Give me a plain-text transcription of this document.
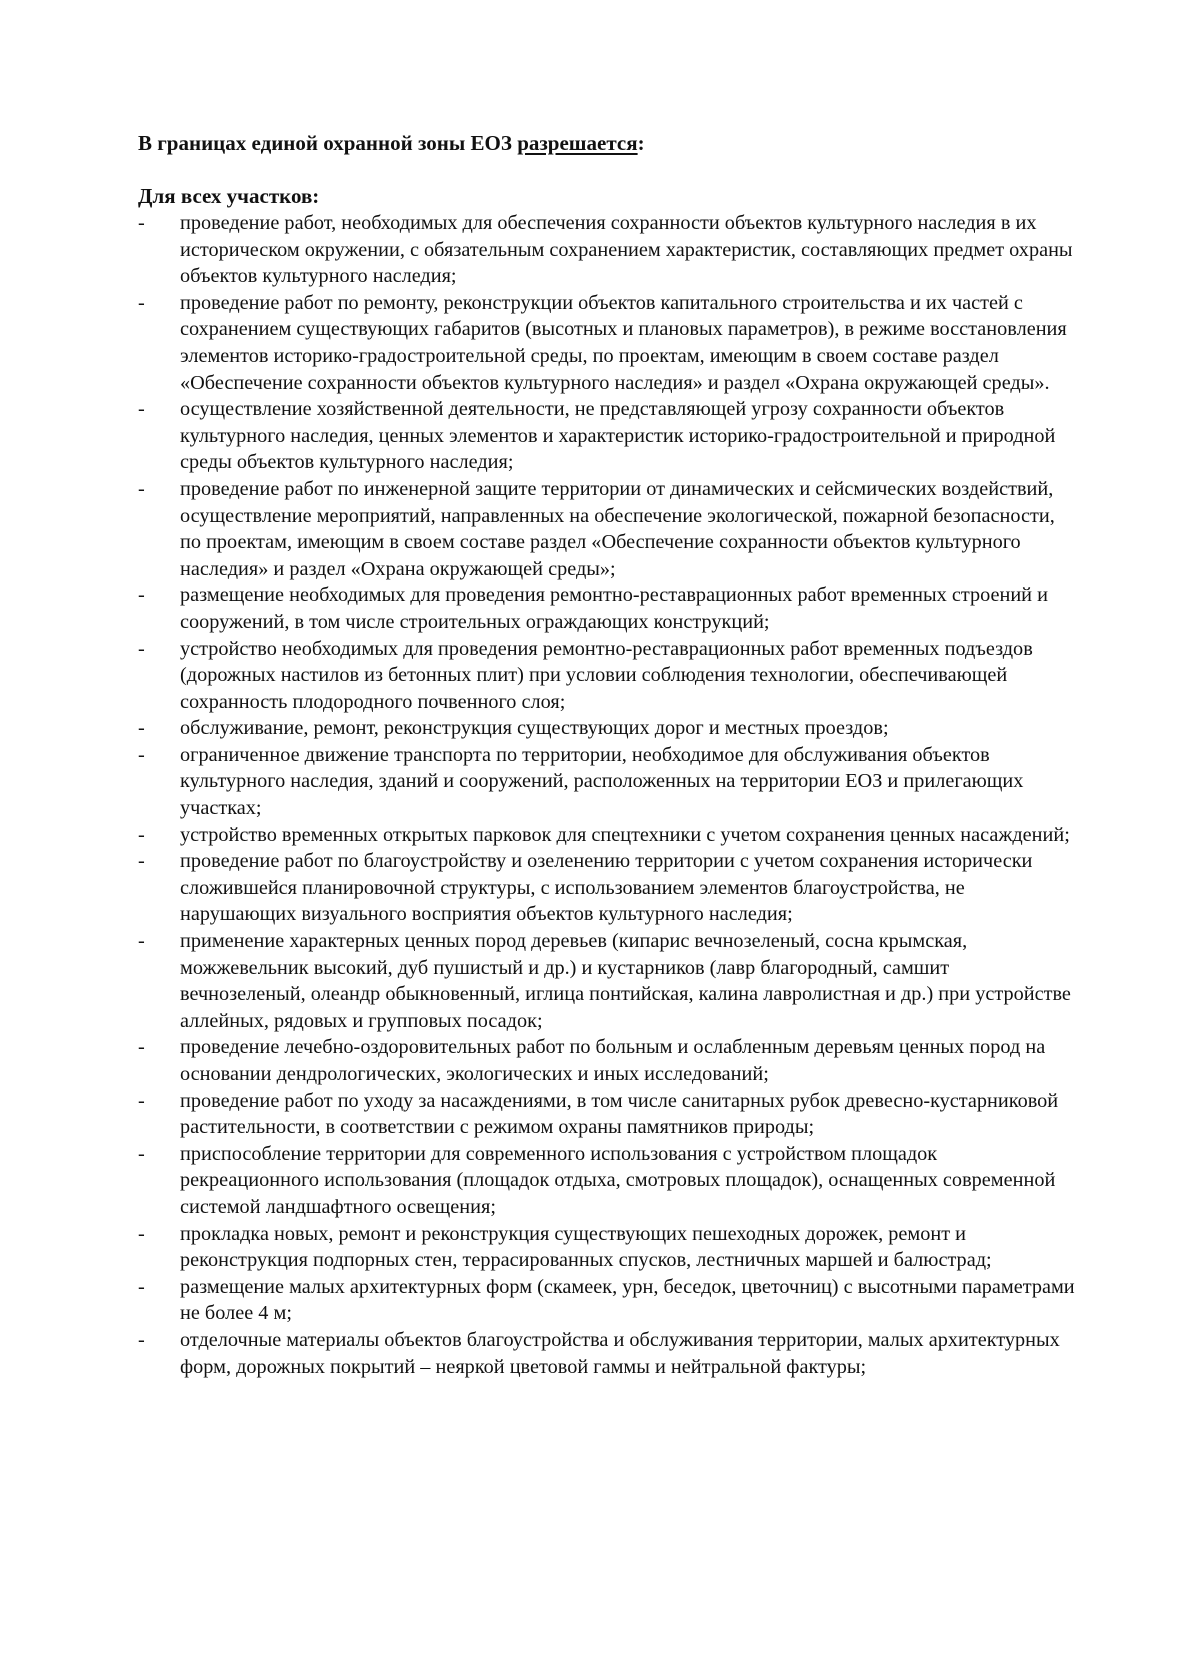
В границах единой охранной зоны ЕОЗ разрешается:

Для всех участков:

-	проведение работ, необходимых для обеспечения сохранности объектов культурного наследия в их историческом окружении, с обязательным сохранением характеристик, составляющих предмет охраны объектов культурного наследия;
-	проведение работ по ремонту, реконструкции объектов капитального строительства и их частей с сохранением существующих габаритов (высотных и плановых параметров), в режиме восстановления элементов историко-градостроительной среды, по проектам, имеющим в своем составе раздел «Обеспечение сохранности объектов культурного наследия» и раздел «Охрана окружающей среды».
-	осуществление хозяйственной деятельности, не представляющей угрозу сохранности объектов культурного наследия, ценных элементов и характеристик историко-градостроительной и природной среды объектов культурного наследия;
-	проведение работ по инженерной защите территории от динамических и сейсмических воздействий, осуществление мероприятий, направленных на обеспечение экологической, пожарной безопасности, по проектам, имеющим в своем составе раздел «Обеспечение сохранности объектов культурного наследия» и раздел «Охрана окружающей среды»;
-	размещение необходимых для проведения ремонтно-реставрационных работ временных строений и сооружений, в том числе строительных ограждающих конструкций;
-	устройство необходимых для проведения ремонтно-реставрационных работ временных подъездов (дорожных настилов из бетонных плит) при условии соблюдения технологии, обеспечивающей сохранность плодородного почвенного слоя;
-	обслуживание, ремонт, реконструкция существующих дорог и местных проездов;
-	ограниченное движение транспорта по территории, необходимое для обслуживания объектов культурного наследия, зданий и сооружений, расположенных на территории ЕОЗ и прилегающих участках;
-	устройство временных открытых парковок для спецтехники с учетом сохранения ценных насаждений;
-	проведение работ по благоустройству и озеленению территории с учетом сохранения исторически сложившейся планировочной структуры, с использованием элементов благоустройства, не нарушающих визуального восприятия объектов культурного наследия;
-	применение характерных ценных пород деревьев (кипарис вечнозеленый, сосна крымская, можжевельник высокий, дуб пушистый и др.) и кустарников (лавр благородный, самшит вечнозеленый, олеандр обыкновенный, иглица понтийская, калина лавролистная и др.) при устройстве аллейных, рядовых и групповых посадок;
-	проведение лечебно-оздоровительных работ по больным и ослабленным деревьям ценных пород на основании дендрологических, экологических и иных исследований;
-	проведение работ по уходу за насаждениями, в том числе санитарных рубок древесно-кустарниковой растительности, в соответствии с режимом охраны памятников природы;
-	приспособление территории для современного использования с устройством площадок рекреационного использования (площадок отдыха, смотровых площадок), оснащенных современной системой ландшафтного освещения;
-	прокладка новых, ремонт и реконструкция существующих пешеходных дорожек, ремонт и реконструкция подпорных стен, террасированных спусков, лестничных маршей и балюстрад;
-	размещение малых архитектурных форм (скамеек, урн, беседок, цветочниц) с высотными параметрами не более 4 м;
-	отделочные материалы объектов благоустройства и обслуживания территории, малых архитектурных форм, дорожных покрытий – неяркой цветовой гаммы и нейтральной фактуры;
